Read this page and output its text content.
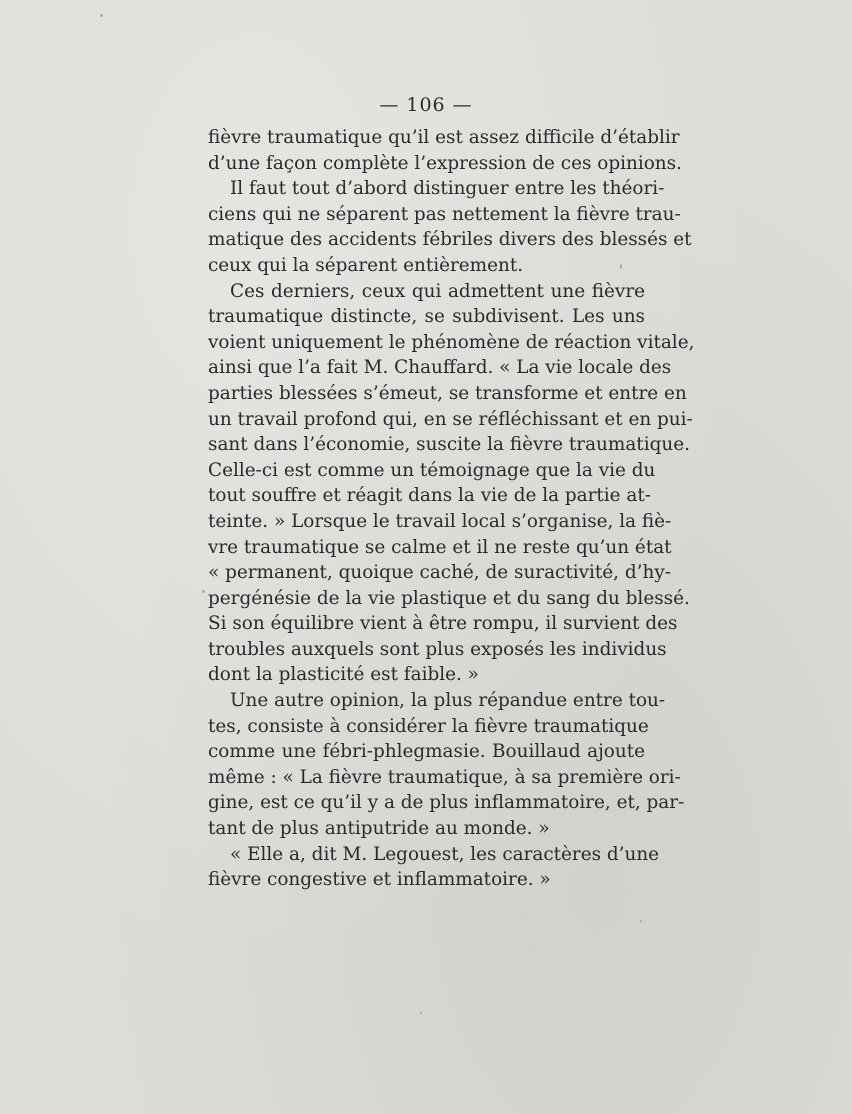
— 106 —
fièvre traumatique qu’il est assez difficile d’établir
d’une façon complète l’expression de ces opinions.
Il faut tout d’abord distinguer entre les théori-
ciens qui ne séparent pas nettement la fièvre trau-
matique des accidents fébriles divers des blessés et
ceux qui la séparent entièrement.
Ces derniers, ceux qui admettent une fièvre
traumatique distincte, se subdivisent. Les uns
voient uniquement le phénomène de réaction vitale,
ainsi que l’a fait M. Chauffard. « La vie locale des
parties blessées s’émeut, se transforme et entre en
un travail profond qui, en se réfléchissant et en pui-
sant dans l’économie, suscite la fièvre traumatique.
Celle-ci est comme un témoignage que la vie du
tout souffre et réagit dans la vie de la partie at-
teinte. » Lorsque le travail local s’organise, la fiè-
vre traumatique se calme et il ne reste qu’un état
« permanent, quoique caché, de suractivité, d’hy-
pergénésie de la vie plastique et du sang du blessé.
Si son équilibre vient à être rompu, il survient des
troubles auxquels sont plus exposés les individus
dont la plasticité est faible. »
Une autre opinion, la plus répandue entre tou-
tes, consiste à considérer la fièvre traumatique
comme une fébri-phlegmasie. Bouillaud ajoute
même : « La fièvre traumatique, à sa première ori-
gine, est ce qu’il y a de plus inflammatoire, et, par-
tant de plus antiputride au monde. »
« Elle a, dit M. Legouest, les caractères d’une
fièvre congestive et inflammatoire. »
